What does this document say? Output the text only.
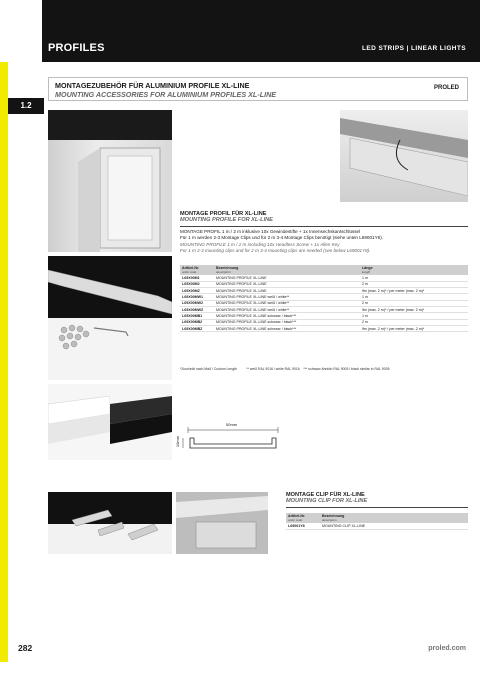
PROFILES	LED STRIPS | LINEAR LIGHTS
1.2
MONTAGEZUBEHÖR FÜR ALUMINIUM PROFILE XL-LINE
MOUNTING ACCESSORIES FOR ALUMINIUM PROFILES XL-LINE
PROLED
MONTAGE PROFIL FÜR XL-LINE
MOUNTING PROFILE FOR XL-LINE
MONTAGE PROFIL 1 m / 2 m inklusive 10x Gewindestifte + 1x Innensechskantschlüssel
Für 1 m werden 2-3 Montage Clips und für 2 m 3-4 Montage Clips benötigt (siehe unten L69001Y8).
MOUNTING PROFILE 1 m / 2 m including 10x Headless Screw + 1x Allen Key
For 1 m 2-3 mounting clips and for 2 m 3-4 mounting clips are needed (see below L69001Y8).
Artikel-Nr.
order code	Bezeichnung
description	Länge
length

L69X00M1	MOUNTING PROFILE XL-LINE	1 m
L69X00M2	MOUNTING PROFILE XL-LINE	2 m
L69X00MZ	MOUNTING PROFILE XL-LINE	lfm (max. 2 m)* / per meter (max. 2 m)*
L69X00MW1	MOUNTING PROFILE XL-LINE weiß / white**	1 m
L69X00MW2	MOUNTING PROFILE XL-LINE weiß / white**	2 m
L69X00MWZ	MOUNTING PROFILE XL-LINE weiß / white**	lfm (max. 2 m)* / per meter (max. 2 m)*
L69X00MB1	MOUNTING PROFILE XL-LINE schwarz / black***	1 m
L69X00MB2	MOUNTING PROFILE XL-LINE schwarz / black***	2 m
L69X00MBZ	MOUNTING PROFILE XL-LINE schwarz / black***	lfm (max. 2 m)* / per meter (max. 2 m)*
*Zuschnitt nach Maß / Custom Length	** weiß RAL 9016 / white RAL 9016 *** schwarz ähnlich RAL 9005 / black similar to RAL 9005
50mm
10mm
MONTAGE CLIP FÜR XL-LINE
MOUNTING CLIP FOR XL-LINE
Artikel-Nr.
order code	Bezeichnung
description

L69001Y8	MOUNTING CLIP XL-LINE
282	proled.com
